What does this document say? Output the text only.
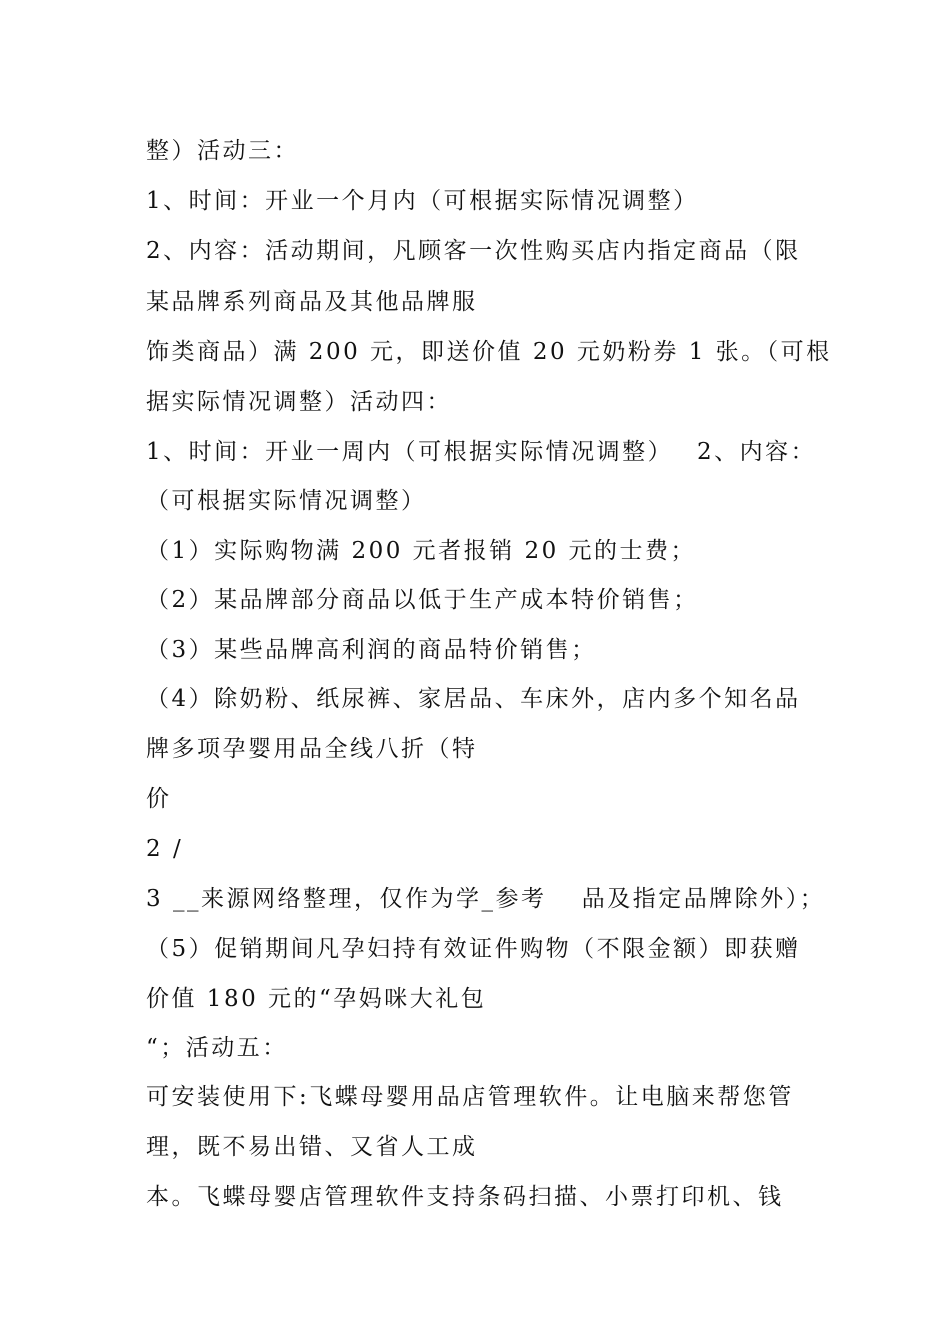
整）活动三：

1、时间：开业一个月内（可根据实际情况调整）

2、内容：活动期间，凡顾客一次性购买店内指定商品（限

某品牌系列商品及其他品牌服

饰类商品）满 200 元，即送价值 20 元奶粉券 1 张。（可根

据实际情况调整）活动四：

1、时间：开业一周内（可根据实际情况调整）　 2、内容：

（可根据实际情况调整）

（1）实际购物满 200 元者报销 20 元的士费；

（2）某品牌部分商品以低于生产成本特价销售；

（3）某些品牌高利润的商品特价销售；

（4）除奶粉、纸尿裤、家居品、车床外，店内多个知名品

牌多项孕婴用品全线八折（特

价

2 /

3 __来源网络整理，仅作为学_参考　 品及指定品牌除外）；

（5）促销期间凡孕妇持有效证件购物（不限金额）即获赠

价值 180 元的“孕妈咪大礼包

“；活动五：

可安装使用下:飞蝶母婴用品店管理软件。让电脑来帮您管

理，既不易出错、又省人工成

本。飞蝶母婴店管理软件支持条码扫描、小票打印机、钱
